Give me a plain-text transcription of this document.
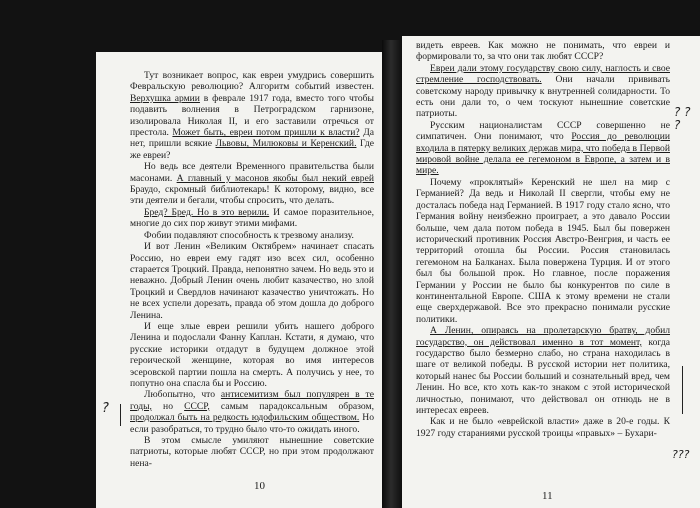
Тут возникает вопрос, как евреи умудрись совершить Февральскую революцию? Алгоритм событий известен. Верхушка армии в феврале 1917 года, вместо того чтобы подавить волнения в Петроградском гарнизоне, изолировала Николая II, и его заставили отречься от престола. Может быть, евреи потом пришли к власти? Да нет, пришли всякие Львовы, Милюковы и Керенский. Где же евреи?

Но ведь все деятели Временного правительства были масонами. А главный у масонов якобы был некий еврей Браудо, скромный библиотекарь! К которому, видно, все эти деятели и бегали, чтобы спросить, что делать.

Бред? Бред. Но в это верили. И самое поразительное, многие до сих пор живут этими мифами.

Фобии подавляют способность к трезвому анализу.

И вот Ленин «Великим Октябрем» начинает спасать Россию, но евреи ему гадят изо всех сил, особенно старается Троцкий. Правда, непонятно зачем. Но ведь это и неважно. Добрый Ленин очень любит казачество, но злой Троцкий и Свердлов начинают казачество уничтожать. Но не всех успели дорезать, правда об этом дошла до доброго Ленина.

И еще злые евреи решили убить нашего доброго Ленина и подослали Фанну Каплан. Кстати, я думаю, что русские историки отдадут в будущем должное этой героической женщине, которая во имя интересов эсеровской партии пошла на смерть. А получись у нее, то попутно она спасла бы и Россию.

Любопытно, что антисемитизм был популярен в те годы, но СССР, самым парадоксальным образом, продолжал быть на редкость юдофильским обществом. Но если разобраться, то трудно было что-то ожидать иного.

В этом смысле умиляют нынешние советские патриоты, которые любят СССР, но при этом продолжают нена-

?
10

видеть евреев. Как можно не понимать, что евреи и формировали то, за что они так любят СССР?

Евреи дали этому государству свою силу, наглость и свое стремление господствовать. Они начали прививать советскому народу привычку к внутренней солидарности. То есть они дали то, о чем тоскуют нынешние советские патриоты.

Русским националистам СССР совершенно не симпатичен. Они понимают, что Россия до революции входила в пятерку великих держав мира, что победа в Первой мировой войне делала ее гегемоном в Европе, а затем и в мире.

Почему «проклятый» Керенский не шел на мир с Германией? Да ведь и Николай II свергли, чтобы ему не досталась победа над Германией. В 1917 году стало ясно, что Германия войну неизбежно проиграет, а это давало России больше, чем дала потом победа в 1945. Был бы повержен исторический противник Россия Австро-Венгрия, и часть ее территорий отошла бы России. Россия становилась гегемоном на Балканах. Была повержена Турция. И от этого был бы большой прок. Но главное, после поражения Германии у России не было бы конкурентов по силе в континентальной Европе. США к этому времени не стали еще сверхдержавой. Все это прекрасно понимали русские политики.

А Ленин, опираясь на пролетарскую братву, добил государство, он действовал именно в тот момент, когда государство было безмерно слабо, но страна находилась в шаге от великой победы. В русской истории нет политика, который нанес бы России больший и сознательный вред, чем Ленин. Но все, кто хоть как-то знаком с этой исторической личностью, понимают, что действовал он отнюдь не в интересах евреев.

Как и не было «еврейской власти» даже в 20-е годы. К 1927 году стараниями русской троицы «правых» – Бухари-

? ? ?
???
11
